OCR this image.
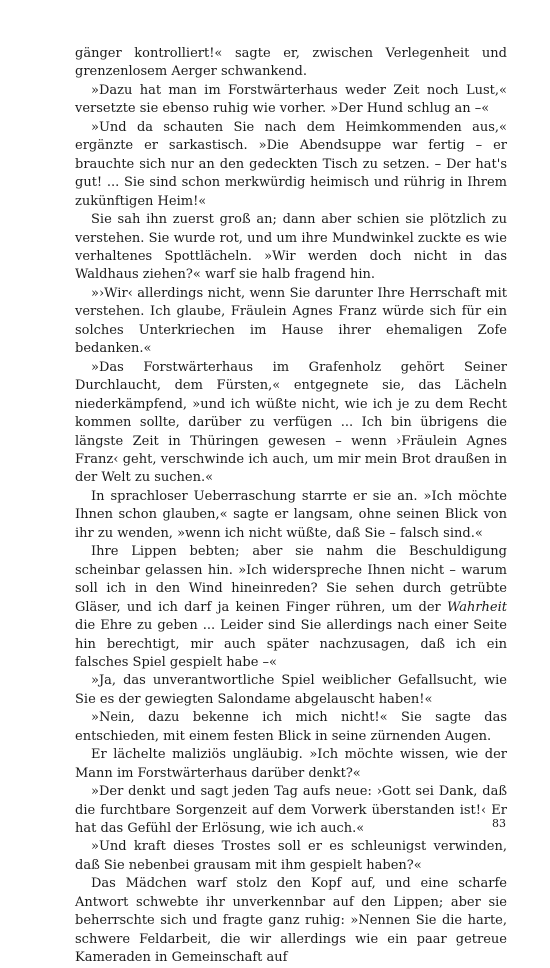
gänger kontrolliert!« sagte er, zwischen Verlegenheit und grenzenlosem Aerger schwankend.

»Dazu hat man im Forstwärterhaus weder Zeit noch Lust,« versetzte sie ebenso ruhig wie vorher. »Der Hund schlug an –«

»Und da schauten Sie nach dem Heimkommenden aus,« ergänzte er sarkastisch. »Die Abendsuppe war fertig – er brauchte sich nur an den gedeckten Tisch zu setzen. – Der hat's gut! ... Sie sind schon merkwürdig heimisch und rührig in Ihrem zukünftigen Heim!«

Sie sah ihn zuerst groß an; dann aber schien sie plötzlich zu verstehen. Sie wurde rot, und um ihre Mundwinkel zuckte es wie verhaltenes Spottlächeln. »Wir werden doch nicht in das Waldhaus ziehen?« warf sie halb fragend hin.

»›Wir‹ allerdings nicht, wenn Sie darunter Ihre Herrschaft mit verstehen. Ich glaube, Fräulein Agnes Franz würde sich für ein solches Unterkriechen im Hause ihrer ehemaligen Zofe bedanken.«

»Das Forstwärterhaus im Grafenholz gehört Seiner Durchlaucht, dem Fürsten,« entgegnete sie, das Lächeln niederkämpfend, »und ich wüßte nicht, wie ich je zu dem Recht kommen sollte, darüber zu verfügen ... Ich bin übrigens die längste Zeit in Thüringen gewesen – wenn ›Fräulein Agnes Franz‹ geht, verschwinde ich auch, um mir mein Brot draußen in der Welt zu suchen.«

In sprachloser Ueberraschung starrte er sie an. »Ich möchte Ihnen schon glauben,« sagte er langsam, ohne seinen Blick von ihr zu wenden, »wenn ich nicht wüßte, daß Sie – falsch sind.«

Ihre Lippen bebten; aber sie nahm die Beschuldigung scheinbar gelassen hin. »Ich widerspreche Ihnen nicht – warum soll ich in den Wind hineinreden? Sie sehen durch getrübte Gläser, und ich darf ja keinen Finger rühren, um der Wahrheit die Ehre zu geben ... Leider sind Sie allerdings nach einer Seite hin berechtigt, mir auch später nachzusagen, daß ich ein falsches Spiel gespielt habe –«

»Ja, das unverantwortliche Spiel weiblicher Gefallsucht, wie Sie es der gewiegten Salondame abgelauscht haben!«

»Nein, dazu bekenne ich mich nicht!« Sie sagte das entschieden, mit einem festen Blick in seine zürnenden Augen.

Er lächelte maliziös ungläubig. »Ich möchte wissen, wie der Mann im Forstwärterhaus darüber denkt?«

»Der denkt und sagt jeden Tag aufs neue: ›Gott sei Dank, daß die furchtbare Sorgenzeit auf dem Vorwerk überstanden ist!‹ Er hat das Gefühl der Erlösung, wie ich auch.«

»Und kraft dieses Trostes soll er es schleunigst verwinden, daß Sie nebenbei grausam mit ihm gespielt haben?«

Das Mädchen warf stolz den Kopf auf, und eine scharfe Antwort schwebte ihr unverkennbar auf den Lippen; aber sie beherrschte sich und fragte ganz ruhig: »Nennen Sie die harte, schwere Feldarbeit, die wir allerdings wie ein paar getreue Kameraden in Gemeinschaft auf

83
